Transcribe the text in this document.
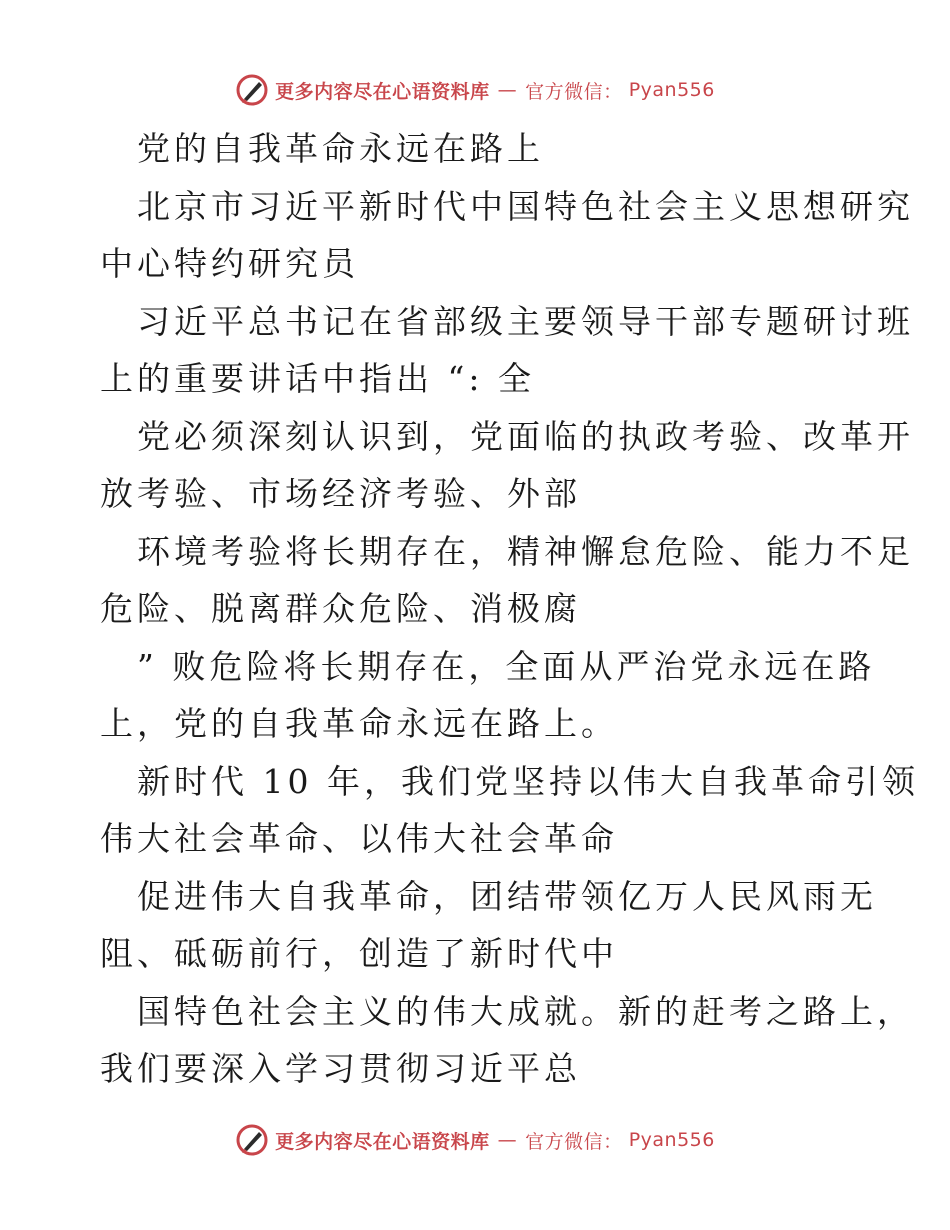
更多内容尽在心语资料库 — 官方微信： Pyan556
党的自我革命永远在路上
北京市习近平新时代中国特色社会主义思想研究
中心特约研究员
习近平总书记在省部级主要领导干部专题研讨班
上的重要讲话中指出 “: 全
党必须深刻认识到，党面临的执政考验、改革开
放考验、市场经济考验、外部
环境考验将长期存在，精神懈怠危险、能力不足
危险、脱离群众危险、消极腐
” 败危险将长期存在，全面从严治党永远在路
上，党的自我革命永远在路上。
新时代 10 年，我们党坚持以伟大自我革命引领
伟大社会革命、以伟大社会革命
促进伟大自我革命，团结带领亿万人民风雨无
阻、砥砺前行，创造了新时代中
国特色社会主义的伟大成就。新的赶考之路上，
我们要深入学习贯彻习近平总
更多内容尽在心语资料库 — 官方微信： Pyan556
